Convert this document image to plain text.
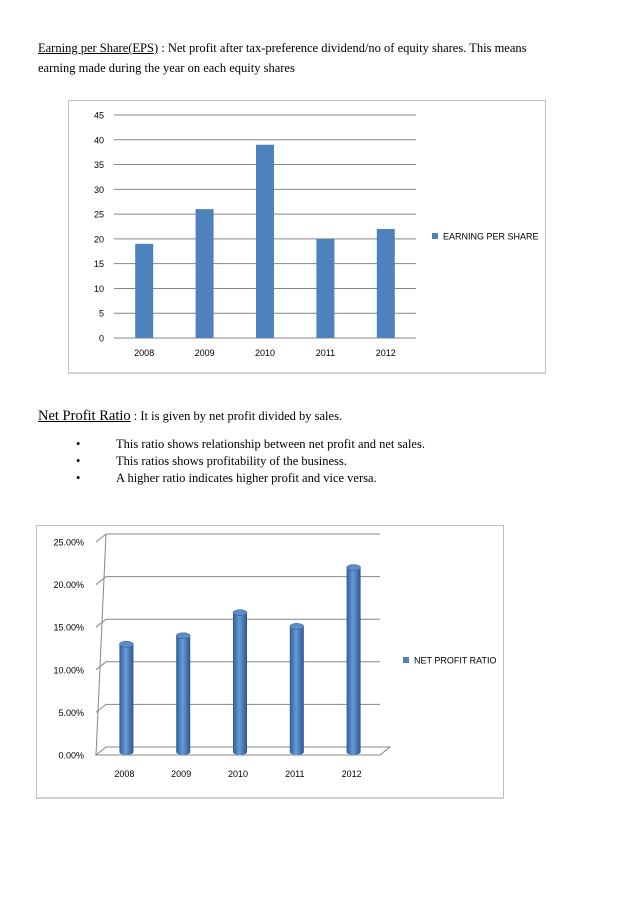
Earning per Share(EPS) : Net profit after tax-preference dividend/no of equity shares. This means
earning made during the year on each equity shares
0
5
10
15
20
25
30
35
40
45
2008	2009	2010	2011	2012
EARNING PER SHARE
Net Profit Ratio : It is given by net profit divided by sales.
•	This ratio shows relationship between net profit and net sales.
•	This ratios shows profitability of the business.
•	A higher ratio indicates higher profit and vice versa.
0.00%
5.00%
10.00%
15.00%
20.00%
25.00%
2008	2009	2010	2011	2012
NET PROFIT RATIO
